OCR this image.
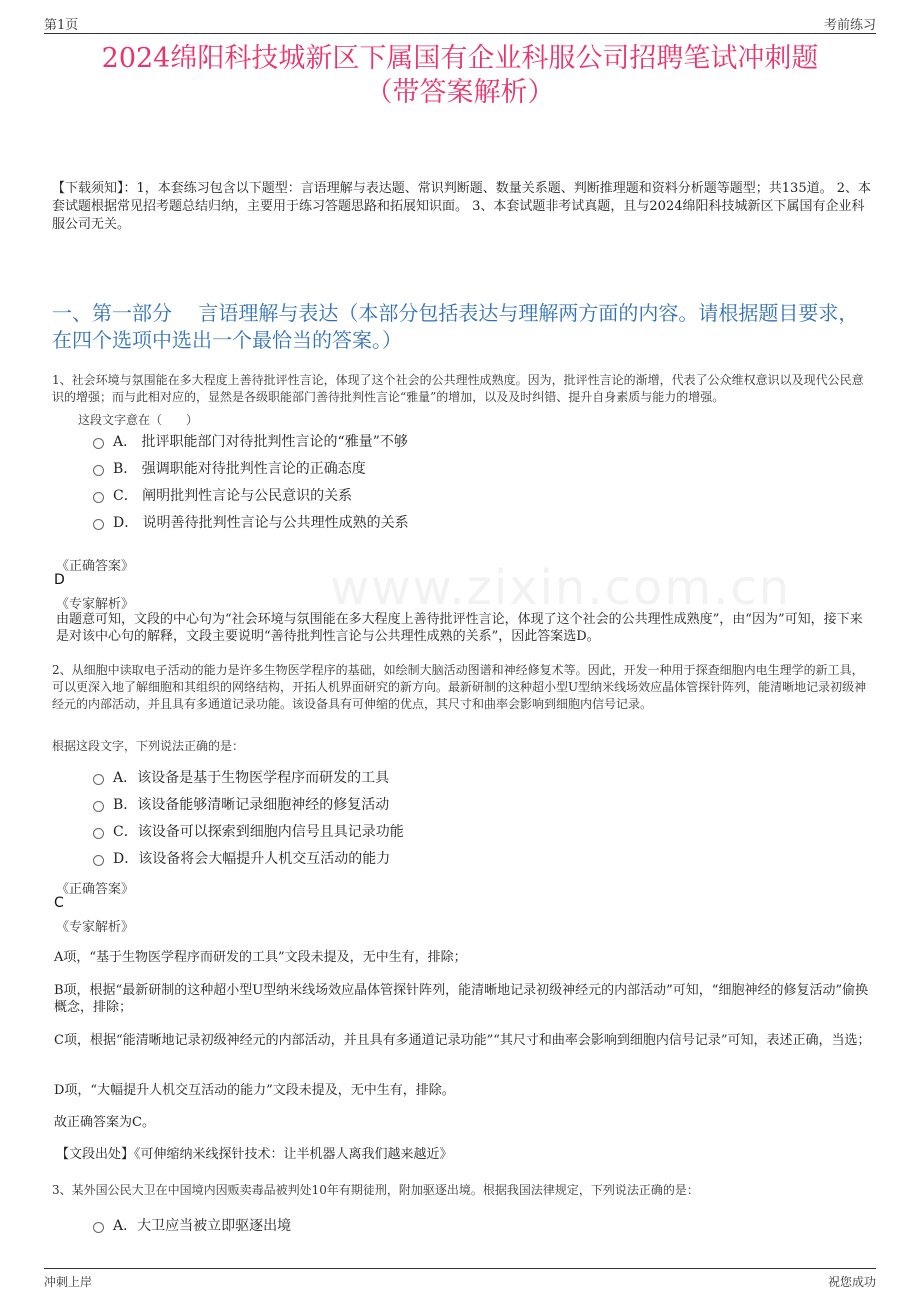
第1页	考前练习
2024绵阳科技城新区下属国有企业科服公司招聘笔试冲刺题
（带答案解析）
【下载须知】：1，本套练习包含以下题型：言语理解与表达题、常识判断题、数量关系题、判断推理题和资料分析题等题型；共135道。 2、本套试题根据常见招考题总结归纳，主要用于练习答题思路和拓展知识面。 3、本套试题非考试真题，且与2024绵阳科技城新区下属国有企业科服公司无关。
一、第一部分　 言语理解与表达（本部分包括表达与理解两方面的内容。请根据题目要求，在四个选项中选出一个最恰当的答案。）
www.zixin.com.cn
1、社会环境与氛围能在多大程度上善待批评性言论，体现了这个社会的公共理性成熟度。因为，批评性言论的渐增，代表了公众维权意识以及现代公民意识的增强；而与此相对应的，显然是各级职能部门善待批判性言论“雅量”的增加，以及及时纠错、提升自身素质与能力的增强。
这段文字意在（　　）
A． 批评职能部门对待批判性言论的“雅量”不够
B． 强调职能对待批判性言论的正确态度
C． 阐明批判性言论与公民意识的关系
D． 说明善待批判性言论与公共理性成熟的关系
《正确答案》
D
《专家解析》
由题意可知，文段的中心句为“社会环境与氛围能在多大程度上善待批评性言论，体现了这个社会的公共理性成熟度”，由“因为”可知，接下来是对该中心句的解释，文段主要说明“善待批判性言论与公共理性成熟的关系”，因此答案选D。
2、从细胞中读取电子活动的能力是许多生物医学程序的基础，如绘制大脑活动图谱和神经修复术等。因此，开发一种用于探查细胞内电生理学的新工具，可以更深入地了解细胞和其组织的网络结构，开拓人机界面研究的新方向。最新研制的这种超小型U型纳米线场效应晶体管探针阵列，能清晰地记录初级神经元的内部活动，并且具有多通道记录功能。该设备具有可伸缩的优点，其尺寸和曲率会影响到细胞内信号记录。
根据这段文字，下列说法正确的是：
A．该设备是基于生物医学程序而研发的工具
B．该设备能够清晰记录细胞神经的修复活动
C．该设备可以探索到细胞内信号且具记录功能
D．该设备将会大幅提升人机交互活动的能力
《正确答案》
C
《专家解析》
A项，“基于生物医学程序而研发的工具”文段未提及，无中生有，排除；
B项，根据“最新研制的这种超小型U型纳米线场效应晶体管探针阵列，能清晰地记录初级神经元的内部活动”可知，“细胞神经的修复活动”偷换概念，排除；
C项，根据“能清晰地记录初级神经元的内部活动，并且具有多通道记录功能”“其尺寸和曲率会影响到细胞内信号记录”可知，表述正确，当选；
D项，“大幅提升人机交互活动的能力”文段未提及，无中生有，排除。
故正确答案为C。
【文段出处】《可伸缩纳米线探针技术：让半机器人离我们越来越近》
3、某外国公民大卫在中国境内因贩卖毒品被判处10年有期徒刑，附加驱逐出境。根据我国法律规定，下列说法正确的是：
A．大卫应当被立即驱逐出境
冲刺上岸	祝您成功
